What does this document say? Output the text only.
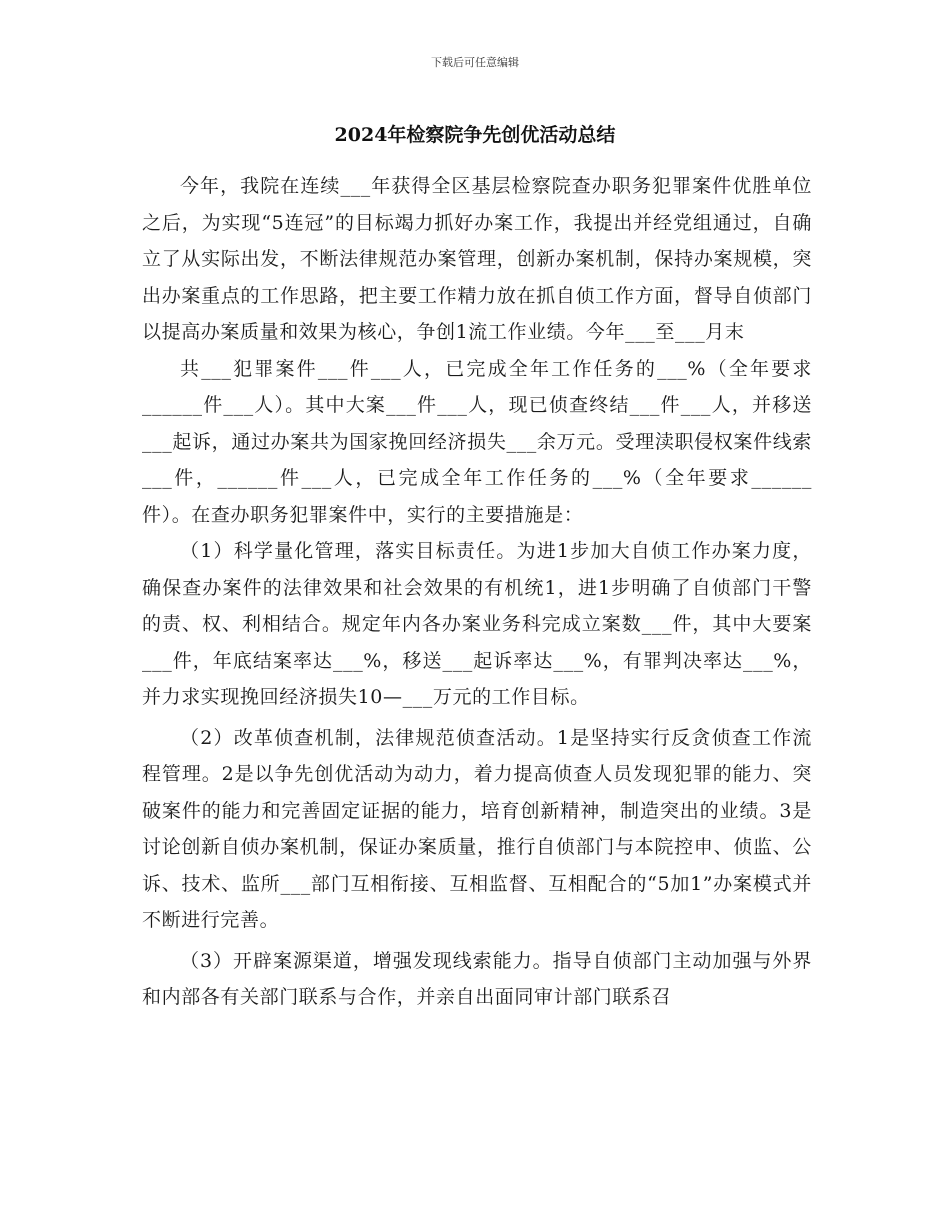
下载后可任意编辑
2024年检察院争先创优活动总结

今年，我院在连续___年获得全区基层检察院查办职务犯罪案件优胜单位之后，为实现“5连冠”的目标竭力抓好办案工作，我提出并经党组通过，自确立了从实际出发，不断法律规范办案管理，创新办案机制，保持办案规模，突出办案重点的工作思路，把主要工作精力放在抓自侦工作方面，督导自侦部门以提高办案质量和效果为核心，争创1流工作业绩。今年___至___月末

共___犯罪案件___件___人，已完成全年工作任务的___%（全年要求______件___人）。其中大案___件___人，现已侦查终结___件___人，并移送___起诉，通过办案共为国家挽回经济损失___余万元。受理渎职侵权案件线索___件，______件___人，已完成全年工作任务的___%（全年要求______件）。在查办职务犯罪案件中，实行的主要措施是：

（1）科学量化管理，落实目标责任。为进1步加大自侦工作办案力度，确保查办案件的法律效果和社会效果的有机统1，进1步明确了自侦部门干警的责、权、利相结合。规定年内各办案业务科完成立案数___件，其中大要案___件，年底结案率达___%，移送___起诉率达___%，有罪判决率达___%，并力求实现挽回经济损失10—___万元的工作目标。

（2）改革侦查机制，法律规范侦查活动。1是坚持实行反贪侦查工作流程管理。2是以争先创优活动为动力，着力提高侦查人员发现犯罪的能力、突破案件的能力和完善固定证据的能力，培育创新精神，制造突出的业绩。3是讨论创新自侦办案机制，保证办案质量，推行自侦部门与本院控申、侦监、公诉、技术、监所___部门互相衔接、互相监督、互相配合的“5加1”办案模式并不断进行完善。

（3）开辟案源渠道，增强发现线索能力。指导自侦部门主动加强与外界和内部各有关部门联系与合作，并亲自出面同审计部门联系召
